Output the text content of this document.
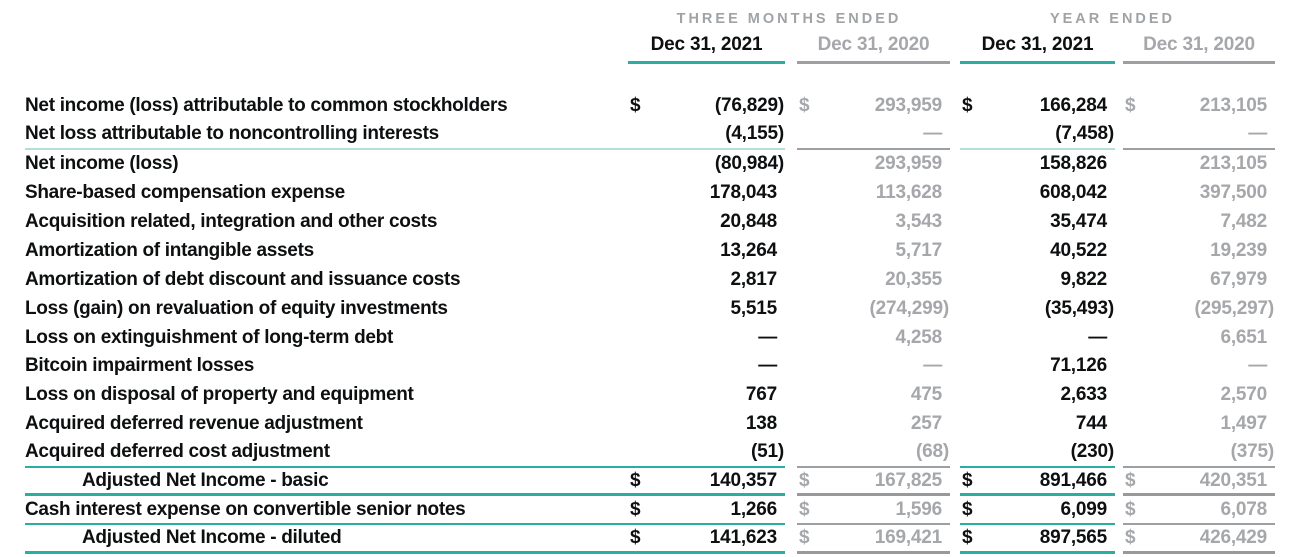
THREE MONTHS ENDED	YEAR ENDED
Dec 31, 2021	Dec 31, 2020	Dec 31, 2021	Dec 31, 2020
Net income (loss) attributable to common stockholders	$	(76,829) $	293,959	$	166,284 $	213,105
Net loss attributable to noncontrolling interests	(4,155)	—	(7,458)	—
Net income (loss)	(80,984)	293,959	158,826	213,105
Share-based compensation expense	178,043	113,628	608,042	397,500
Acquisition related, integration and other costs	20,848	3,543	35,474	7,482
Amortization of intangible assets	13,264	5,717	40,522	19,239
Amortization of debt discount and issuance costs	2,817	20,355	9,822	67,979
Loss (gain) on revaluation of equity investments	5,515	(274,299)	(35,493)	(295,297)
Loss on extinguishment of long-term debt	—	4,258	—	6,651
Bitcoin impairment losses	—	—	71,126	—
Loss on disposal of property and equipment	767	475	2,633	2,570
Acquired deferred revenue adjustment	138	257	744	1,497
Acquired deferred cost adjustment	(51)	(68)	(230)	(375)
Adjusted Net Income - basic	$	140,357	$	167,825	$	891,466 $	420,351
Cash interest expense on convertible senior notes	$	1,266	$	1,596	$	6,099 $	6,078
Adjusted Net Income - diluted	$	141,623	$	169,421	$	897,565 $	426,429
